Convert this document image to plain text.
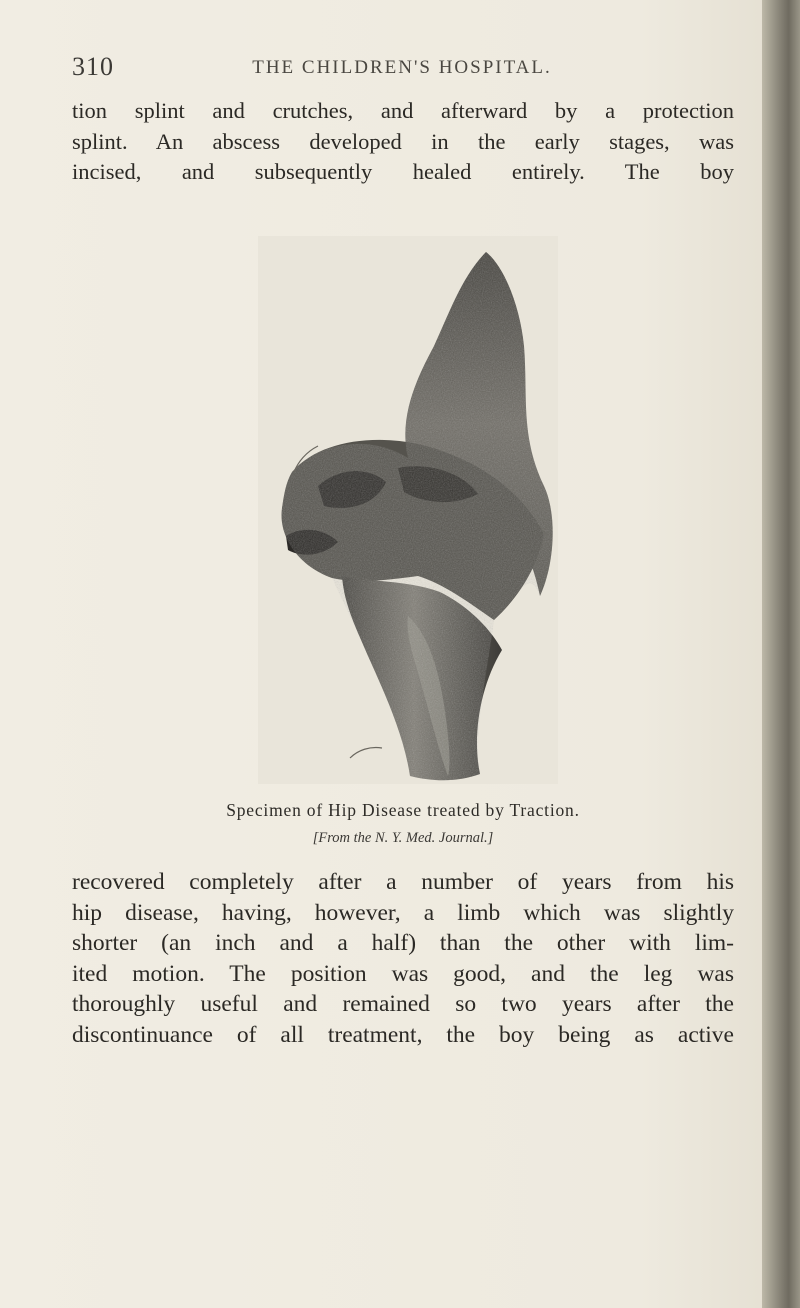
310	THE CHILDREN'S HOSPITAL.
tion splint and crutches, and afterward by a protection
splint. An abscess developed in the early stages, was
incised, and subsequently healed entirely. The boy
Specimen of Hip Disease treated by Traction.
[From the N. Y. Med. Journal.]
recovered completely after a number of years from his
hip disease, having, however, a limb which was slightly
shorter (an inch and a half) than the other with lim-
ited motion. The position was good, and the leg was
thoroughly useful and remained so two years after the
discontinuance of all treatment, the boy being as active
